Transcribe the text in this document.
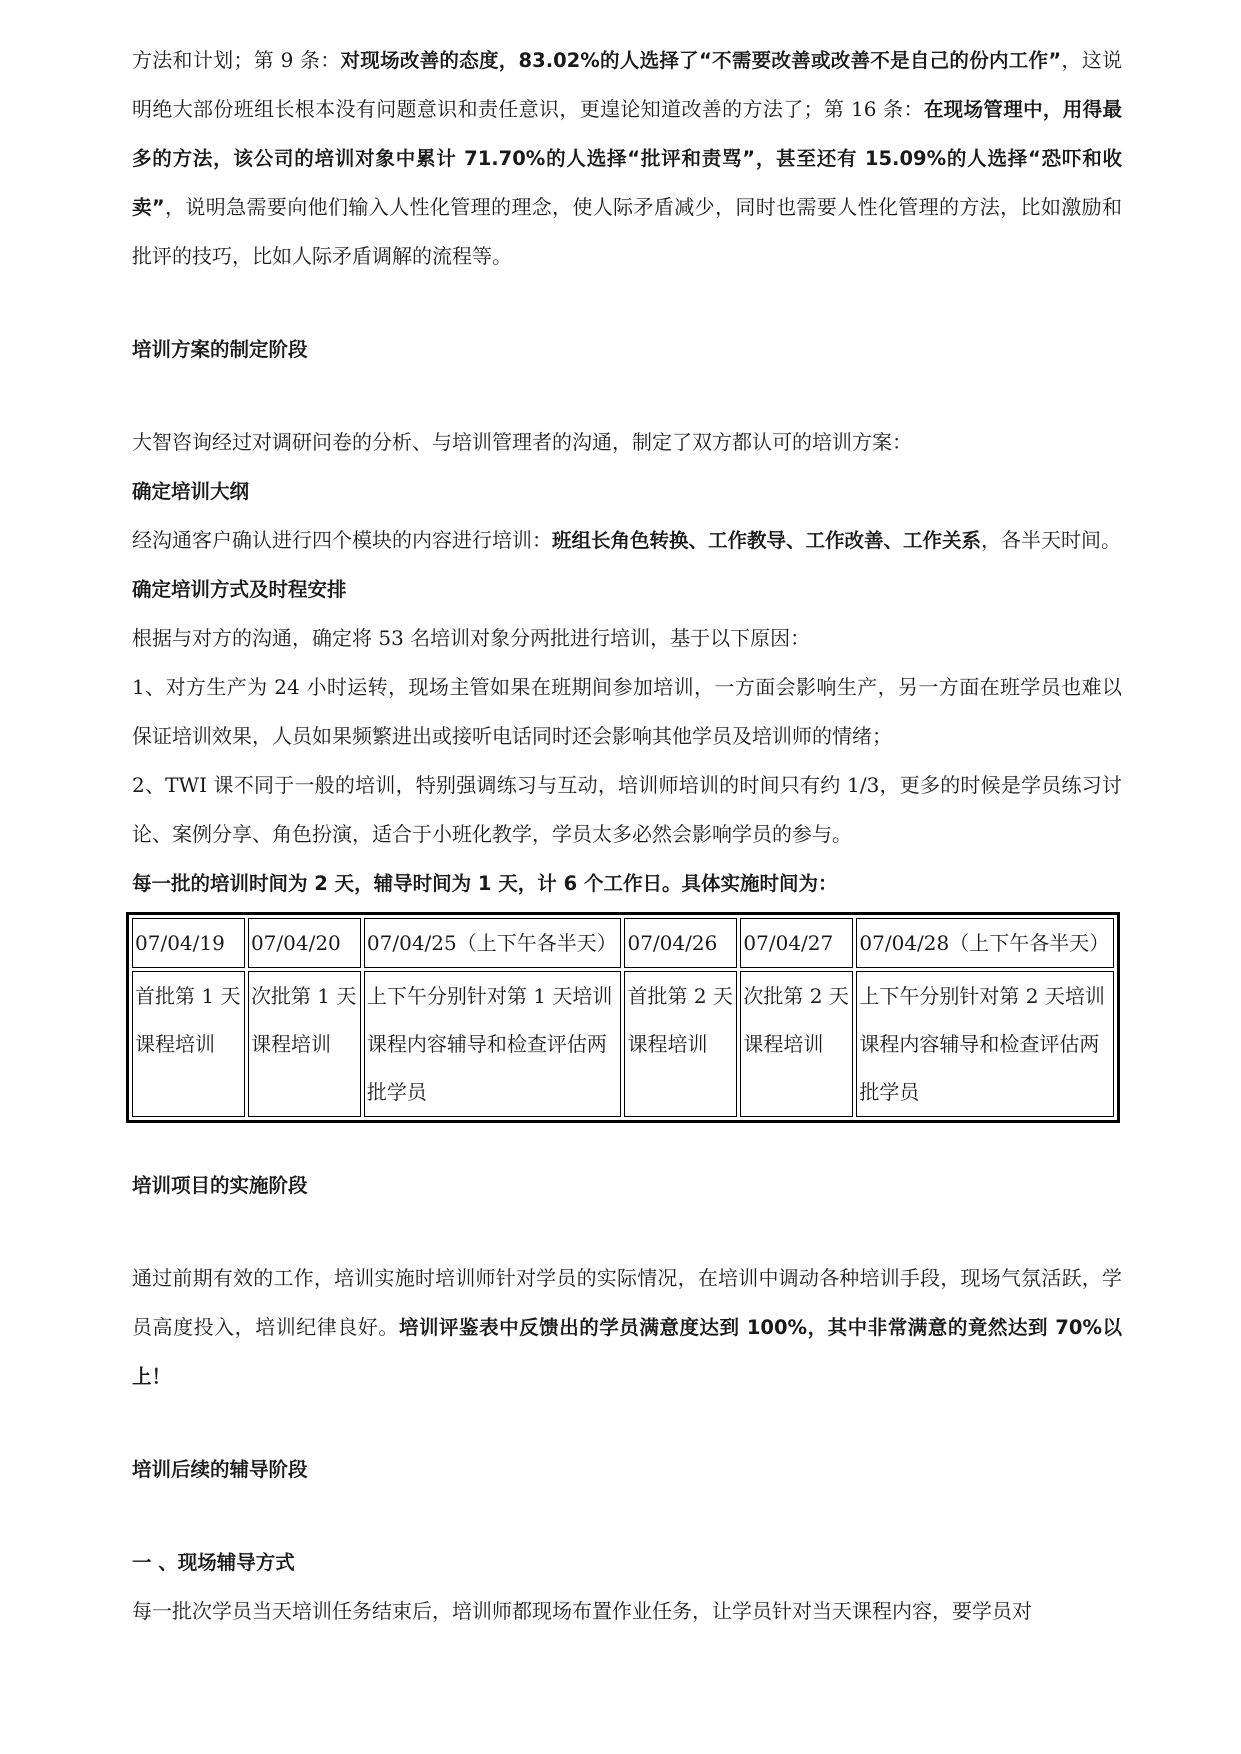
方法和计划；第 9 条：对现场改善的态度，83.02%的人选择了“不需要改善或改善不是自己的份内工作”，这说明绝大部份班组长根本没有问题意识和责任意识，更遑论知道改善的方法了；第 16 条：在现场管理中，用得最多的方法，该公司的培训对象中累计 71.70%的人选择“批评和责骂”，甚至还有 15.09%的人选择“恐吓和收卖”，说明急需要向他们输入人性化管理的理念，使人际矛盾减少，同时也需要人性化管理的方法，比如激励和批评的技巧，比如人际矛盾调解的流程等。

培训方案的制定阶段

大智咨询经过对调研问卷的分析、与培训管理者的沟通，制定了双方都认可的培训方案：

确定培训大纲

经沟通客户确认进行四个模块的内容进行培训：班组长角色转换、工作教导、工作改善、工作关系，各半天时间。

确定培训方式及时程安排

根据与对方的沟通，确定将 53 名培训对象分两批进行培训，基于以下原因：

1、对方生产为 24 小时运转，现场主管如果在班期间参加培训，一方面会影响生产，另一方面在班学员也难以保证培训效果，人员如果频繁进出或接听电话同时还会影响其他学员及培训师的情绪；

2、TWI 课不同于一般的培训，特别强调练习与互动，培训师培训的时间只有约 1/3，更多的时候是学员练习讨论、案例分享、角色扮演，适合于小班化教学，学员太多必然会影响学员的参与。

每一批的培训时间为 2 天，辅导时间为 1 天，计 6 个工作日。具体实施时间为：

07/04/19	07/04/20	07/04/25（上下午各半天）	07/04/26	07/04/27	07/04/28（上下午各半天）
首批第 1 天课程培训	次批第 1 天课程培训	上下午分别针对第 1 天培训课程内容辅导和检查评估两批学员	首批第 2 天课程培训	次批第 2 天课程培训	上下午分别针对第 2 天培训课程内容辅导和检查评估两批学员

培训项目的实施阶段

通过前期有效的工作，培训实施时培训师针对学员的实际情况，在培训中调动各种培训手段，现场气氛活跃，学员高度投入，培训纪律良好。培训评鉴表中反馈出的学员满意度达到 100%，其中非常满意的竟然达到 70%以上！

培训后续的辅导阶段

一 、现场辅导方式

每一批次学员当天培训任务结束后，培训师都现场布置作业任务，让学员针对当天课程内容，要学员对
